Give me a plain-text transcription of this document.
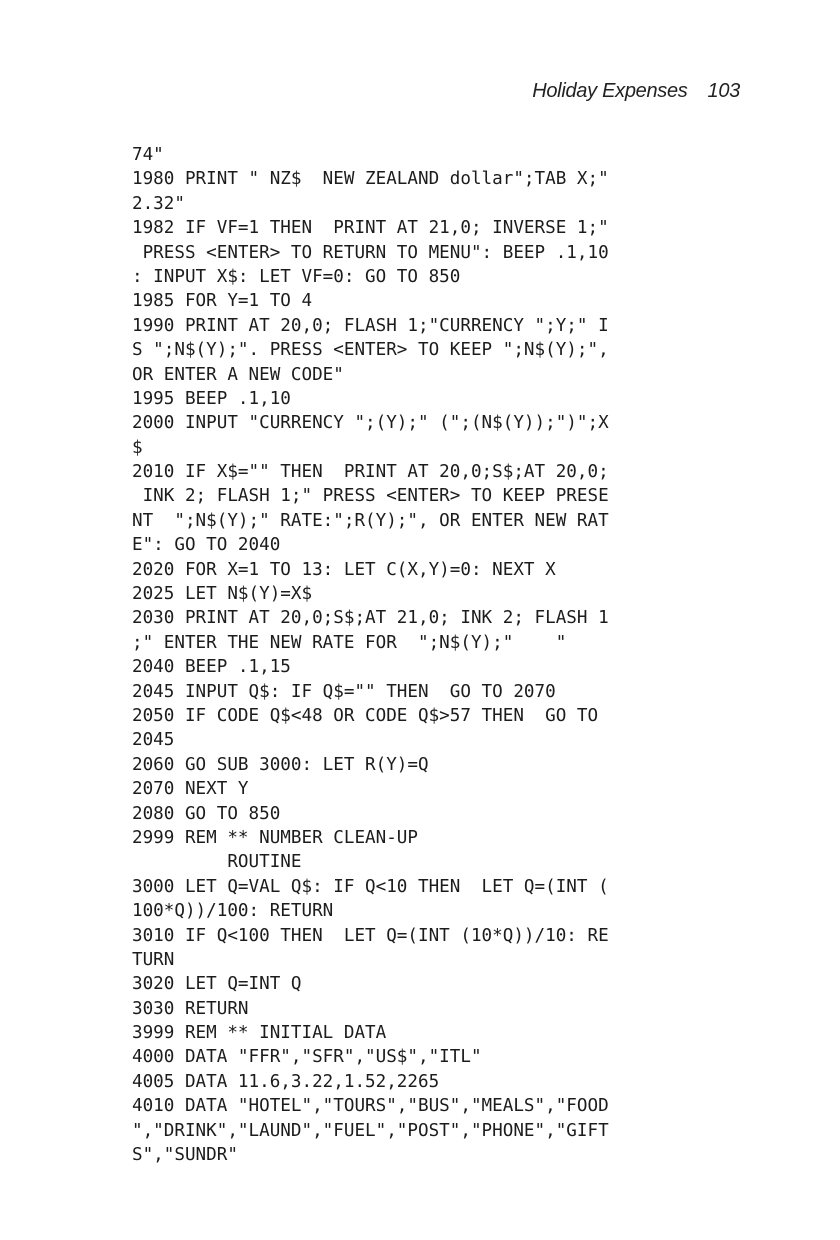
Holiday Expenses 103
74"
1980 PRINT " NZ$  NEW ZEALAND dollar";TAB X;"
2.32"
1982 IF VF=1 THEN  PRINT AT 21,0; INVERSE 1;"
PRESS <ENTER> TO RETURN TO MENU": BEEP .1,10
: INPUT X$: LET VF=0: GO TO 850
1985 FOR Y=1 TO 4
1990 PRINT AT 20,0; FLASH 1;"CURRENCY ";Y;" I
S ";N$(Y);". PRESS <ENTER> TO KEEP ";N$(Y);",
OR ENTER A NEW CODE"
1995 BEEP .1,10
2000 INPUT "CURRENCY ";(Y);" (";(N$(Y));")";X
$
2010 IF X$="" THEN  PRINT AT 20,0;S$;AT 20,0;
INK 2; FLASH 1;" PRESS <ENTER> TO KEEP PRESE
NT  ";N$(Y);" RATE:";R(Y);", OR ENTER NEW RAT
E": GO TO 2040
2020 FOR X=1 TO 13: LET C(X,Y)=0: NEXT X
2025 LET N$(Y)=X$
2030 PRINT AT 20,0;S$;AT 21,0; INK 2; FLASH 1
;" ENTER THE NEW RATE FOR  ";N$(Y);"    "
2040 BEEP .1,15
2045 INPUT Q$: IF Q$="" THEN  GO TO 2070
2050 IF CODE Q$<48 OR CODE Q$>57 THEN  GO TO
2045
2060 GO SUB 3000: LET R(Y)=Q
2070 NEXT Y
2080 GO TO 850
2999 REM ** NUMBER CLEAN-UP
ROUTINE
3000 LET Q=VAL Q$: IF Q<10 THEN  LET Q=(INT (
100*Q))/100: RETURN
3010 IF Q<100 THEN  LET Q=(INT (10*Q))/10: RE
TURN
3020 LET Q=INT Q
3030 RETURN
3999 REM ** INITIAL DATA
4000 DATA "FFR","SFR","US$","ITL"
4005 DATA 11.6,3.22,1.52,2265
4010 DATA "HOTEL","TOURS","BUS","MEALS","FOOD
","DRINK","LAUND","FUEL","POST","PHONE","GIFT
S","SUNDR"
